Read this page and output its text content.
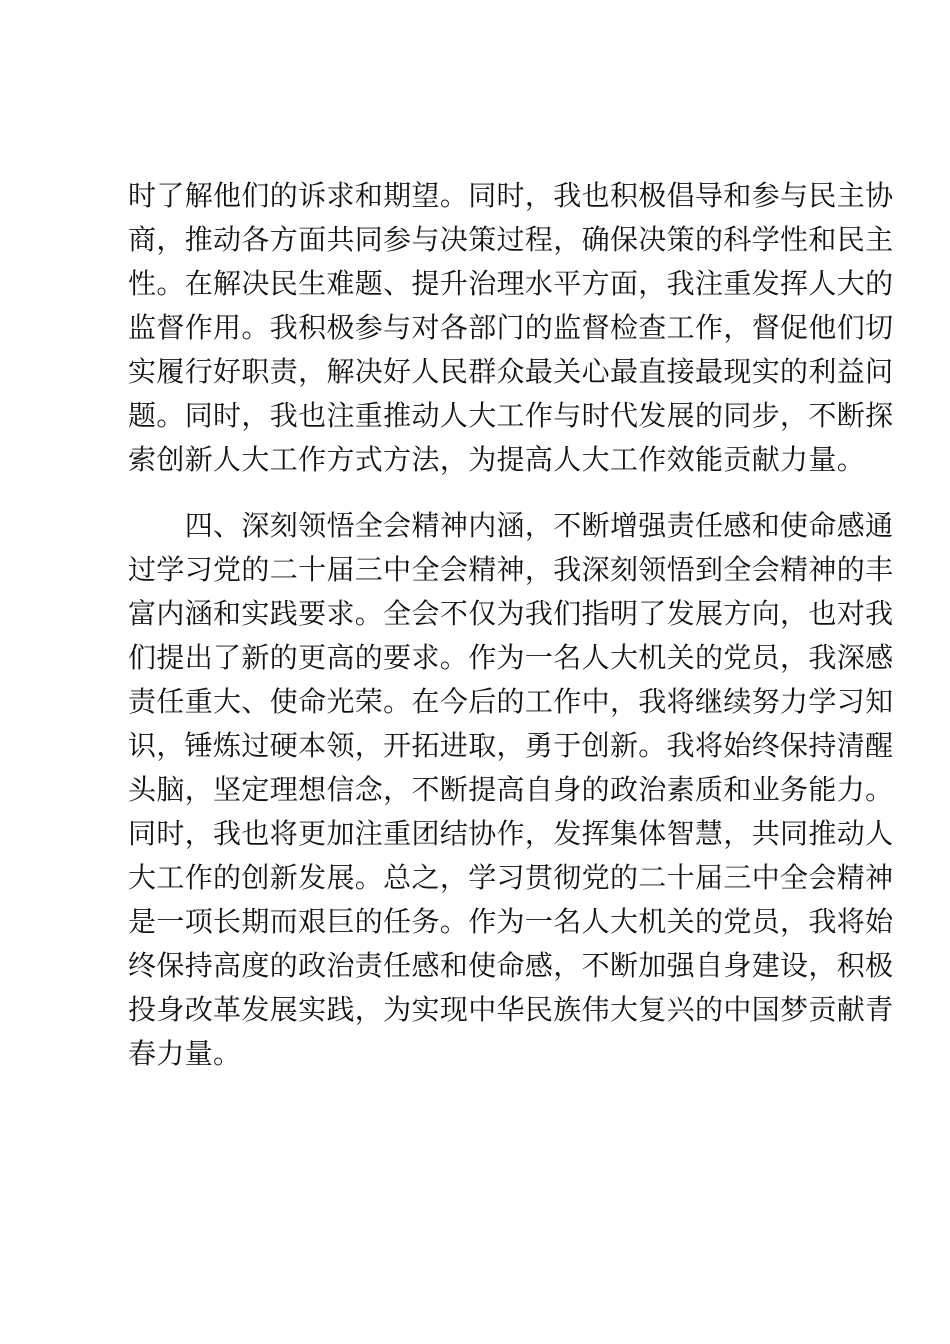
时了解他们的诉求和期望。同时，我也积极倡导和参与民主协
商，推动各方面共同参与决策过程，确保决策的科学性和民主
性。在解决民生难题、提升治理水平方面，我注重发挥人大的
监督作用。我积极参与对各部门的监督检查工作，督促他们切
实履行好职责，解决好人民群众最关心最直接最现实的利益问
题。同时，我也注重推动人大工作与时代发展的同步，不断探
索创新人大工作方式方法，为提高人大工作效能贡献力量。
　　四、深刻领悟全会精神内涵，不断增强责任感和使命感通
过学习党的二十届三中全会精神，我深刻领悟到全会精神的丰
富内涵和实践要求。全会不仅为我们指明了发展方向，也对我
们提出了新的更高的要求。作为一名人大机关的党员，我深感
责任重大、使命光荣。在今后的工作中，我将继续努力学习知
识，锤炼过硬本领，开拓进取，勇于创新。我将始终保持清醒
头脑，坚定理想信念，不断提高自身的政治素质和业务能力。
同时，我也将更加注重团结协作，发挥集体智慧，共同推动人
大工作的创新发展。总之，学习贯彻党的二十届三中全会精神
是一项长期而艰巨的任务。作为一名人大机关的党员，我将始
终保持高度的政治责任感和使命感，不断加强自身建设，积极
投身改革发展实践，为实现中华民族伟大复兴的中国梦贡献青
春力量。
